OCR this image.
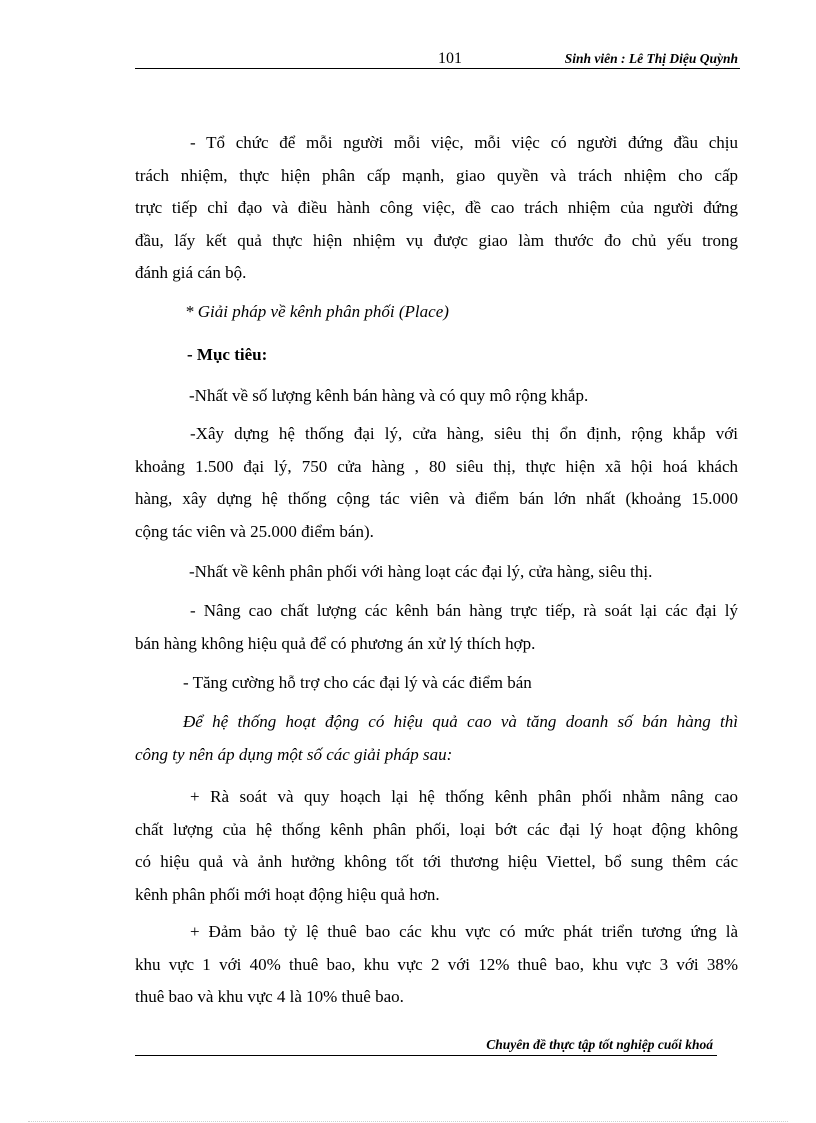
101	Sinh viên : Lê Thị Diệu Quỳnh
- Tổ chức để mỗi người mỗi việc, mỗi việc có người đứng đầu chịu
trách nhiệm, thực hiện phân cấp mạnh, giao quyền và trách nhiệm cho cấp
trực tiếp chỉ đạo và điều hành công việc, đề cao trách nhiệm của người đứng
đầu, lấy kết quả thực hiện nhiệm vụ được giao làm thước đo chủ yếu trong
đánh giá cán bộ.
* Giải pháp về kênh phân phối (Place)
- Mục tiêu:
-Nhất về số lượng kênh bán hàng và có quy mô rộng khắp.
-Xây dựng hệ thống đại lý, cửa hàng, siêu thị ổn định, rộng khắp với
khoảng 1.500 đại lý, 750 cửa hàng , 80 siêu thị, thực hiện xã hội hoá khách
hàng, xây dựng hệ thống cộng tác viên và điểm bán lớn nhất (khoảng 15.000
cộng tác viên và 25.000 điểm bán).
-Nhất về kênh phân phối với hàng loạt các đại lý, cửa hàng, siêu thị.
- Nâng cao chất lượng các kênh bán hàng trực tiếp, rà soát lại các đại lý
bán hàng không hiệu quả để có phương án xử lý thích hợp.
- Tăng cường hỗ trợ cho các đại lý và các điểm bán
Để hệ thống hoạt động có hiệu quả cao và tăng doanh số bán hàng thì
công ty nên áp dụng một số các giải pháp sau:
+ Rà soát và quy hoạch lại hệ thống kênh phân phối nhằm nâng cao
chất lượng của hệ thống kênh phân phối, loại bớt các đại lý hoạt động không
có hiệu quả và ảnh hưởng không tốt tới thương hiệu Viettel, bổ sung thêm các
kênh phân phối mới hoạt động hiệu quả hơn.
+ Đảm bảo tỷ lệ thuê bao các khu vực có mức phát triển tương ứng là
khu vực 1 với 40% thuê bao, khu vực 2 với 12% thuê bao, khu vực 3 với 38%
thuê bao và khu vực 4 là 10% thuê bao.
Chuyên đề thực tập tốt nghiệp cuối khoá
